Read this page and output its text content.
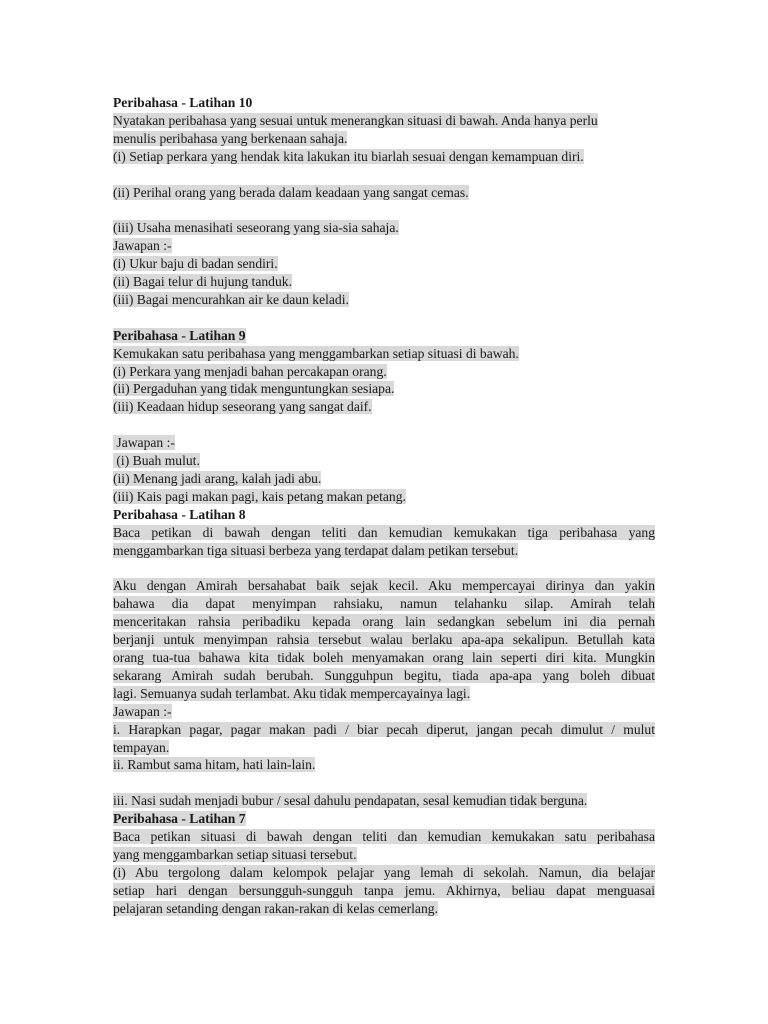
Peribahasa - Latihan 10
Nyatakan peribahasa yang sesuai untuk menerangkan situasi di bawah. Anda hanya perlu
menulis peribahasa yang berkenaan sahaja.
(i) Setiap perkara yang hendak kita lakukan itu biarlah sesuai dengan kemampuan diri.
(ii) Perihal orang yang berada dalam keadaan yang sangat cemas.
(iii) Usaha menasihati seseorang yang sia-sia sahaja.
Jawapan :-
(i) Ukur baju di badan sendiri.
(ii) Bagai telur di hujung tanduk.
(iii) Bagai mencurahkan air ke daun keladi.
Peribahasa - Latihan 9
Kemukakan satu peribahasa yang menggambarkan setiap situasi di bawah.
(i) Perkara yang menjadi bahan percakapan orang.
(ii) Pergaduhan yang tidak menguntungkan sesiapa.
(iii) Keadaan hidup seseorang yang sangat daif.
Jawapan :-
(i) Buah mulut.
(ii) Menang jadi arang, kalah jadi abu.
(iii) Kais pagi makan pagi, kais petang makan petang.
Peribahasa - Latihan 8
Baca petikan di bawah dengan teliti dan kemudian kemukakan tiga peribahasa yang
menggambarkan tiga situasi berbeza yang terdapat dalam petikan tersebut.
Aku dengan Amirah bersahabat baik sejak kecil. Aku mempercayai dirinya dan yakin
bahawa dia dapat menyimpan rahsiaku, namun telahanku silap. Amirah telah
menceritakan rahsia peribadiku kepada orang lain sedangkan sebelum ini dia pernah
berjanji untuk menyimpan rahsia tersebut walau berlaku apa-apa sekalipun. Betullah kata
orang tua-tua bahawa kita tidak boleh menyamakan orang lain seperti diri kita. Mungkin
sekarang Amirah sudah berubah. Sungguhpun begitu, tiada apa-apa yang boleh dibuat
lagi. Semuanya sudah terlambat. Aku tidak mempercayainya lagi.
Jawapan :-
i. Harapkan pagar, pagar makan padi / biar pecah diperut, jangan pecah dimulut / mulut
tempayan.
ii. Rambut sama hitam, hati lain-lain.
iii. Nasi sudah menjadi bubur / sesal dahulu pendapatan, sesal kemudian tidak berguna.
Peribahasa - Latihan 7
Baca petikan situasi di bawah dengan teliti dan kemudian kemukakan satu peribahasa
yang menggambarkan setiap situasi tersebut.
(i) Abu tergolong dalam kelompok pelajar yang lemah di sekolah. Namun, dia belajar
setiap hari dengan bersungguh-sungguh tanpa jemu. Akhirnya, beliau dapat menguasai
pelajaran setanding dengan rakan-rakan di kelas cemerlang.
